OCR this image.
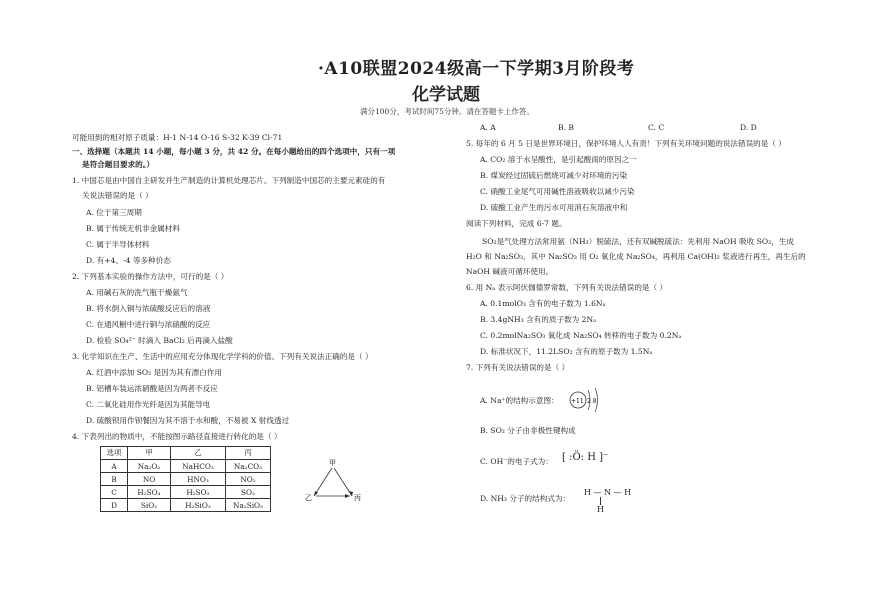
·A10联盟2024级高一下学期3月阶段考
化学试题
满分100分，考试时间75分钟。请在答题卡上作答。
可能用到的相对原子质量：H-1 N-14 O-16 S-32 K-39 Cl-71
一、选择题（本题共 14 小题，每小题 3 分，共 42 分。在每小题给出的四个选项中，只有一项
是符合题目要求的。）
1. 中国芯是由中国自主研发并生产制造的计算机处理芯片。下列制造中国芯的主要元素硅的有
关说法错误的是（ ）
A. 位于第三周期
B. 属于传统无机非金属材料
C. 属于半导体材料
D. 有+4、-4 等多种价态
2. 下列基本实验的操作方法中，可行的是（ ）
A. 用碱石灰的洗气瓶干燥氨气
B. 将水倒入铜与浓硫酸反应后的溶液
C. 在通风橱中进行铜与浓硝酸的反应
D. 检验 SO₄²⁻ 时滴入 BaCl₂ 后再滴入盐酸
3. 化学知识在生产、生活中的应用充分体现化学学科的价值。下列有关说法正确的是（ ）
A. 红酒中添加 SO₂ 是因为其有漂白作用
B. 铝槽车装运浓硝酸是因为两者不反应
C. 二氧化硅用作光纤是因为其能导电
D. 硫酸钡用作钡餐因为其不溶于水和酸，不易被 X 射线透过
4. 下表列出的物质中，不能按图示路径直接进行转化的是（ ）
选项	甲	乙	丙
A	Na₂O₂	NaHCO₃	Na₂CO₃
B	NO	HNO₃	NO₂
C	H₂SO₄	H₂SO₃	SO₂
D	SiO₂	H₂SiO₃	Na₂SiO₃
甲
乙	丙
A. A	B. B	C. C	D. D
5. 每年的 6 月 5 日是世界环境日，保护环境人人有责！下列有关环境问题的说法错误的是（ ）
A. CO₂ 溶于水呈酸性，是引起酸雨的原因之一
B. 煤炭经过固硫后燃烧可减少对环境的污染
C. 硝酸工业尾气可用碱性溶液吸收以减少污染
D. 硫酸工业产生的污水可用消石灰溶液中和
阅读下列材料，完成 6-7 题。
SO₂是气处理方法常用氨（NH₃）脱硫法，还有双碱脱硫法：先利用 NaOH 吸收 SO₂，生成
H₂O 和 Na₂SO₃，其中 Na₂SO₃ 用 O₂ 氧化成 Na₂SO₄，再利用 Ca(OH)₂ 浆液进行再生，再生后的
NaOH 碱液可循环使用。
6. 用 Nₐ 表示阿伏伽德罗常数，下列有关说法错误的是（ ）
A. 0.1molO₃ 含有的电子数为 1.6Nₐ
B. 3.4gNH₃ 含有的质子数为 2Nₐ
C. 0.2molNa₂SO₃ 氧化成 Na₂SO₄ 转移的电子数为 0.2Nₐ
D. 标准状况下，11.2LSO₂ 含有的原子数为 1.5Nₐ
7. 下列有关说法错误的是（ ）
A. Na⁺的结构示意图： +11 2 8
B. SO₂ 分子由非极性键构成
C. OH⁻的电子式为： [ :Ö: H ]⁻
D. NH₃ 分子的结构式为：
H — N — H
H
